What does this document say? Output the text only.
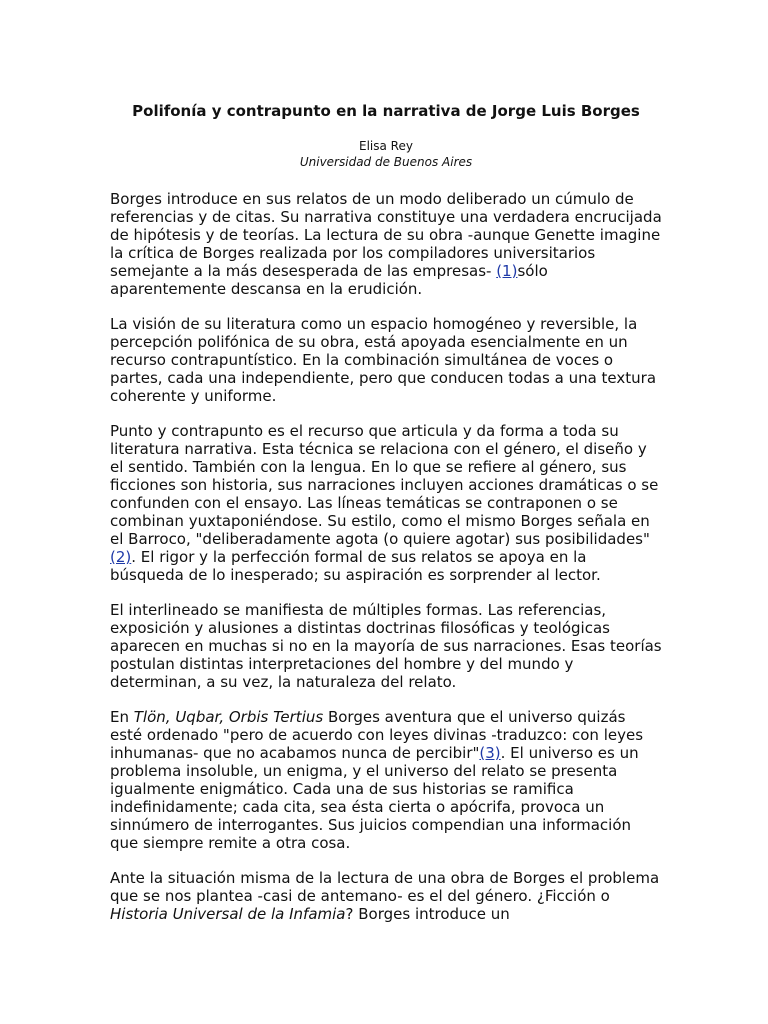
Polifonía y contrapunto en la narrativa de Jorge Luis Borges
Elisa Rey
Universidad de Buenos Aires

Borges introduce en sus relatos de un modo deliberado un cúmulo de referencias y de citas. Su narrativa constituye una verdadera encrucijada de hipótesis y de teorías. La lectura de su obra -aunque Genette imagine la crítica de Borges realizada por los compiladores universitarios semejante a la más desesperada de las empresas- (1)sólo aparentemente descansa en la erudición.

La visión de su literatura como un espacio homogéneo y reversible, la percepción polifónica de su obra, está apoyada esencialmente en un recurso contrapuntístico. En la combinación simultánea de voces o partes, cada una independiente, pero que conducen todas a una textura coherente y uniforme.

Punto y contrapunto es el recurso que articula y da forma a toda su literatura narrativa. Esta técnica se relaciona con el género, el diseño y el sentido. También con la lengua. En lo que se refiere al género, sus ficciones son historia, sus narraciones incluyen acciones dramáticas o se confunden con el ensayo. Las líneas temáticas se contraponen o se combinan yuxtaponiéndose. Su estilo, como el mismo Borges señala en el Barroco, "deliberadamente agota (o quiere agotar) sus posibilidades"(2). El rigor y la perfección formal de sus relatos se apoya en la búsqueda de lo inesperado; su aspiración es sorprender al lector.

El interlineado se manifiesta de múltiples formas. Las referencias, exposición y alusiones a distintas doctrinas filosóficas y teológicas aparecen en muchas si no en la mayoría de sus narraciones. Esas teorías postulan distintas interpretaciones del hombre y del mundo y determinan, a su vez, la naturaleza del relato.

En Tlön, Uqbar, Orbis Tertius Borges aventura que el universo quizás esté ordenado "pero de acuerdo con leyes divinas -traduzco: con leyes inhumanas- que no acabamos nunca de percibir"(3). El universo es un problema insoluble, un enigma, y el universo del relato se presenta igualmente enigmático. Cada una de sus historias se ramifica indefinidamente; cada cita, sea ésta cierta o apócrifa, provoca un sinnúmero de interrogantes. Sus juicios compendian una información que siempre remite a otra cosa.

Ante la situación misma de la lectura de una obra de Borges el problema que se nos plantea -casi de antemano- es el del género. ¿Ficción o Historia Universal de la Infamia? Borges introduce un
